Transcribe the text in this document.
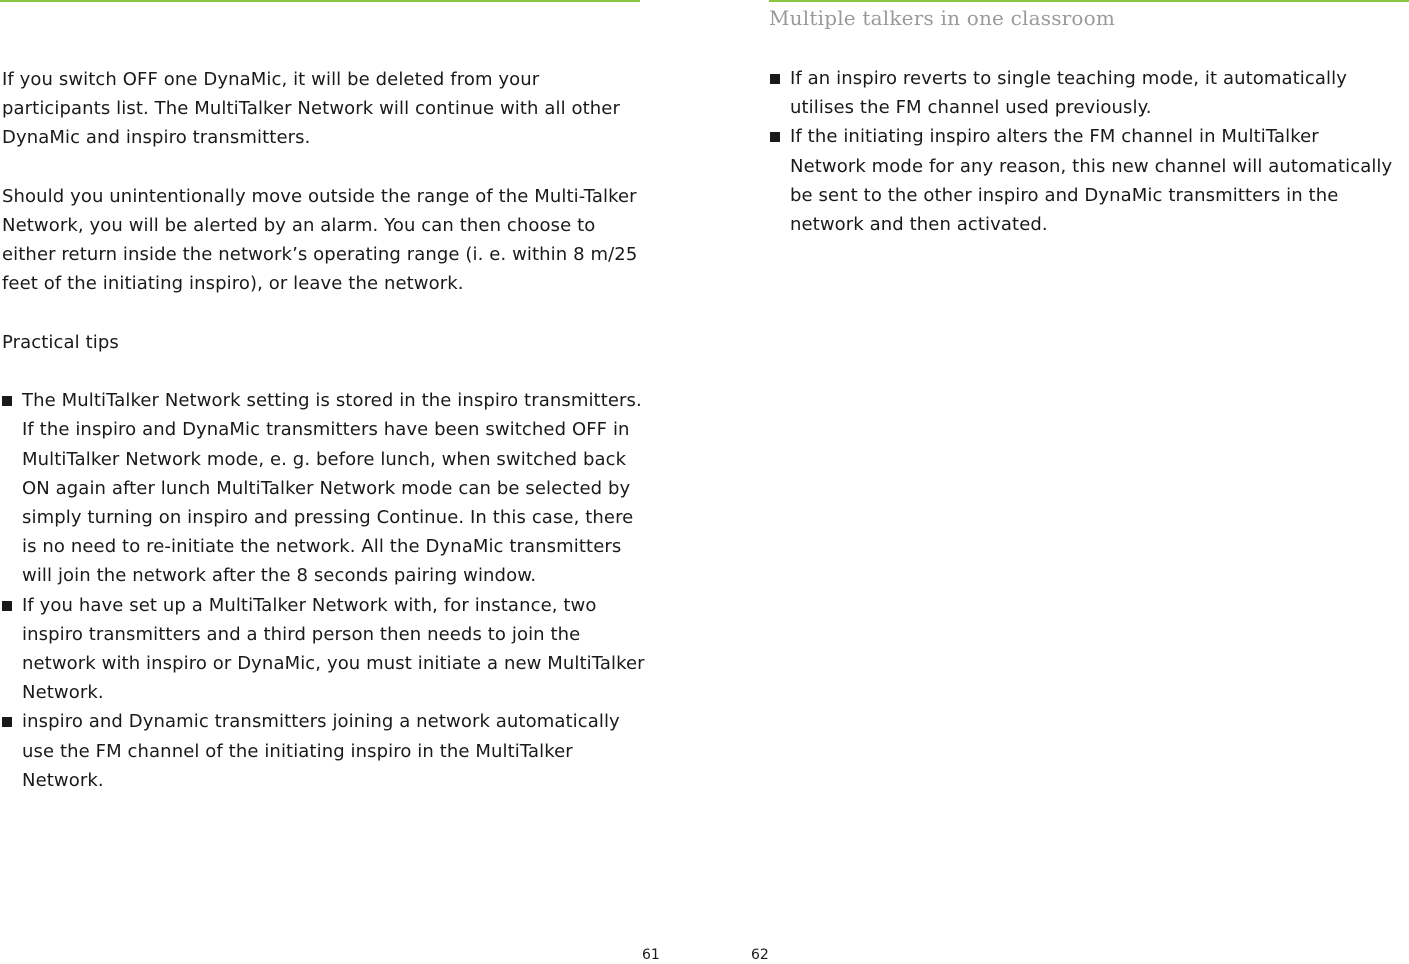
Multiple talkers in one classroom

If you switch OFF one DynaMic, it will be deleted from your participants list. The MultiTalker Network will continue with all other DynaMic and inspiro transmitters.

Should you unintentionally move outside the range of the Multi-Talker Network, you will be alerted by an alarm. You can then choose to either return inside the network’s operating range (i. e. within 8 m/25 feet of the initiating inspiro), or leave the network.

Practical tips
The MultiTalker Network setting is stored in the inspiro transmitters. If the inspiro and DynaMic transmitters have been switched OFF in MultiTalker Network mode, e. g. before lunch, when switched back ON again after lunch MultiTalker Network mode can be selected by simply turning on inspiro and pressing Continue. In this case, there is no need to re-initiate the network. All the DynaMic transmitters will join the network after the 8 seconds pairing window.
If you have set up a MultiTalker Network with, for instance, two inspiro transmitters and a third person then needs to join the network with inspiro or DynaMic, you must initiate a new MultiTalker Network.
inspiro and Dynamic transmitters joining a network automatically use the FM channel of the initiating inspiro in the MultiTalker Network.
If an inspiro reverts to single teaching mode, it automatically utilises the FM channel used previously.
If the initiating inspiro alters the FM channel in MultiTalker Network mode for any reason, this new channel will automatically be sent to the other inspiro and DynaMic transmitters in the network and then activated.
61	62
